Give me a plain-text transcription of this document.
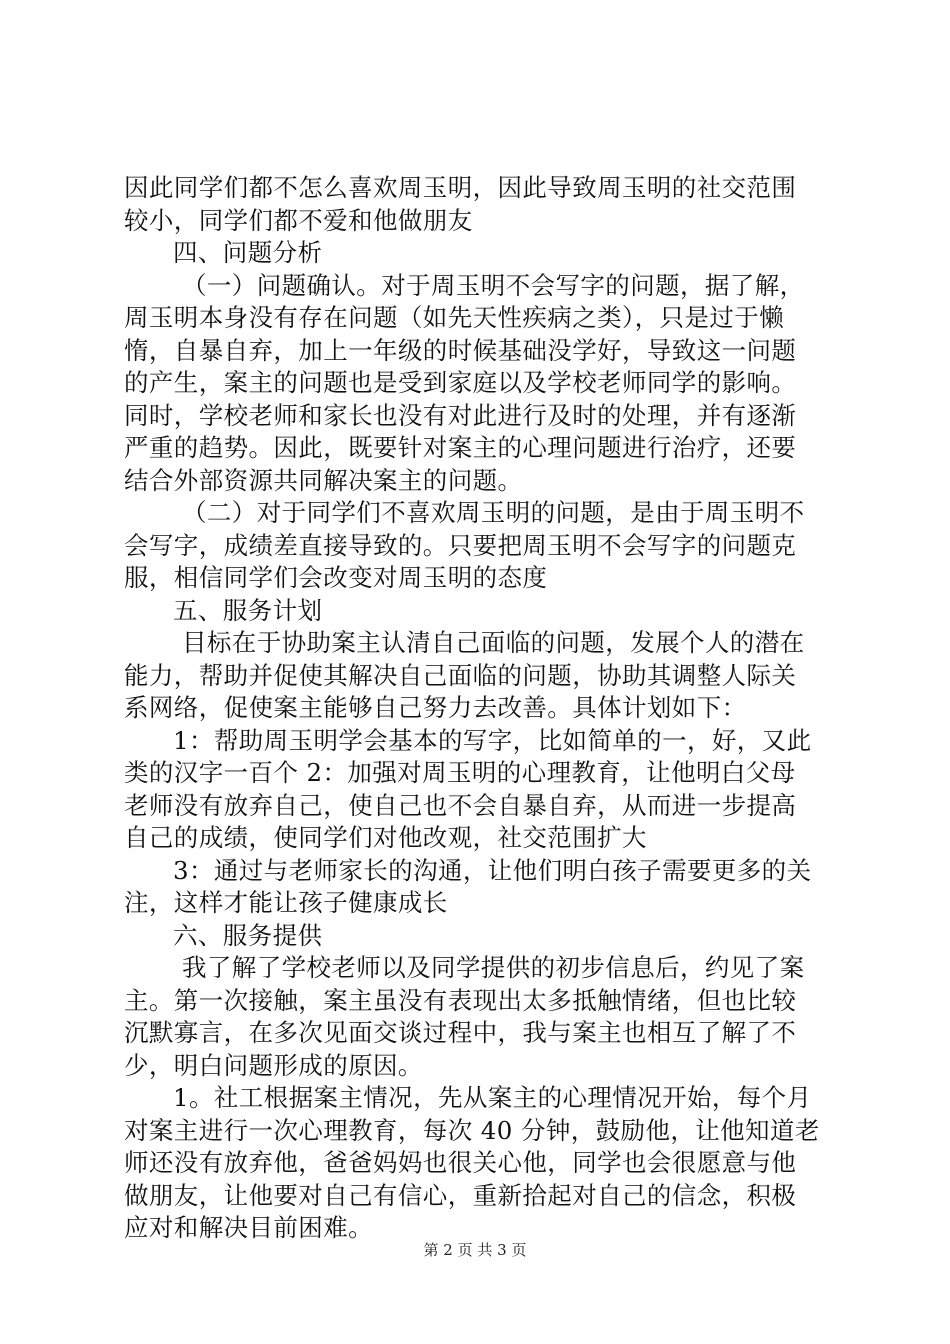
因此同学们都不怎么喜欢周玉明，因此导致周玉明的社交范围
较小，同学们都不爱和他做朋友
四、问题分析
（一）问题确认。对于周玉明不会写字的问题，据了解，
周玉明本身没有存在问题（如先天性疾病之类），只是过于懒
惰，自暴自弃，加上一年级的时候基础没学好，导致这一问题
的产生，案主的问题也是受到家庭以及学校老师同学的影响。
同时，学校老师和家长也没有对此进行及时的处理，并有逐渐
严重的趋势。因此，既要针对案主的心理问题进行治疗，还要
结合外部资源共同解决案主的问题。
（二）对于同学们不喜欢周玉明的问题，是由于周玉明不
会写字，成绩差直接导致的。只要把周玉明不会写字的问题克
服，相信同学们会改变对周玉明的态度
五、服务计划
目标在于协助案主认清自己面临的问题，发展个人的潜在
能力，帮助并促使其解决自己面临的问题，协助其调整人际关
系网络，促使案主能够自己努力去改善。具体计划如下：
1：帮助周玉明学会基本的写字，比如简单的一，好，又此
类的汉字一百个 2：加强对周玉明的心理教育，让他明白父母
老师没有放弃自己，使自己也不会自暴自弃，从而进一步提高
自己的成绩，使同学们对他改观，社交范围扩大
3：通过与老师家长的沟通，让他们明白孩子需要更多的关
注，这样才能让孩子健康成长
六、服务提供
我了解了学校老师以及同学提供的初步信息后，约见了案
主。第一次接触，案主虽没有表现出太多抵触情绪，但也比较
沉默寡言，在多次见面交谈过程中，我与案主也相互了解了不
少，明白问题形成的原因。
1。社工根据案主情况，先从案主的心理情况开始，每个月
对案主进行一次心理教育，每次 40 分钟，鼓励他，让他知道老
师还没有放弃他，爸爸妈妈也很关心他，同学也会很愿意与他
做朋友，让他要对自己有信心，重新拾起对自己的信念，积极
应对和解决目前困难。
第 2 页 共 3 页
